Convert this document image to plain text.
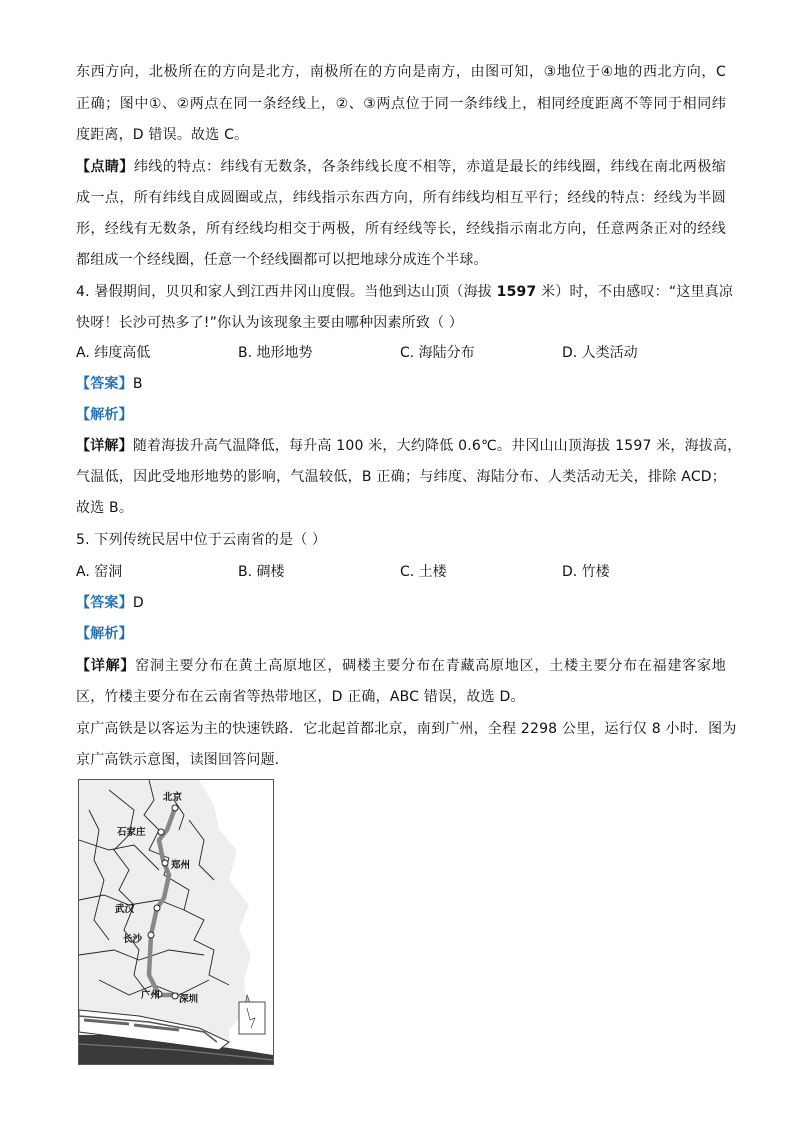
东西方向，北极所在的方向是北方，南极所在的方向是南方，由图可知，③地位于④地的西北方向，C
正确；图中①、②两点在同一条经线上，②、③两点位于同一条纬线上，相同经度距离不等同于相同纬
度距离，D 错误。故选 C。
【点睛】纬线的特点：纬线有无数条，各条纬线长度不相等，赤道是最长的纬线圈，纬线在南北两极缩
成一点，所有纬线自成圆圈或点，纬线指示东西方向，所有纬线均相互平行；经线的特点：经线为半圆
形，经线有无数条，所有经线均相交于两极，所有经线等长，经线指示南北方向，任意两条正对的经线
都组成一个经线圈，任意一个经线圈都可以把地球分成连个半球。
4. 暑假期间，贝贝和家人到江西井冈山度假。当他到达山顶（海拔 1597 米）时，不由感叹：“这里真凉
快呀！长沙可热多了!”你认为该现象主要由哪种因素所致（ ）
A. 纬度高低	B. 地形地势	C. 海陆分布	D. 人类活动
【答案】B
【解析】
【详解】随着海拔升高气温降低，每升高 100 米，大约降低 0.6℃。井冈山山顶海拔 1597 米，海拔高，
气温低，因此受地形地势的影响，气温较低，B 正确；与纬度、海陆分布、人类活动无关，排除 ACD；
故选 B。
5. 下列传统民居中位于云南省的是（ ）
A. 窑洞	B. 碉楼	C. 土楼	D. 竹楼
【答案】D
【解析】
【详解】窑洞主要分布在黄土高原地区，碉楼主要分布在青藏高原地区，土楼主要分布在福建客家地
区，竹楼主要分布在云南省等热带地区，D 正确，ABC 错误，故选 D。
京广高铁是以客运为主的快速铁路．它北起首都北京，南到广州，全程 2298 公里，运行仅 8 小时．图为
京广高铁示意图，读图回答问题．
北京
石家庄
郑州
武汉
长沙
广州 深圳
